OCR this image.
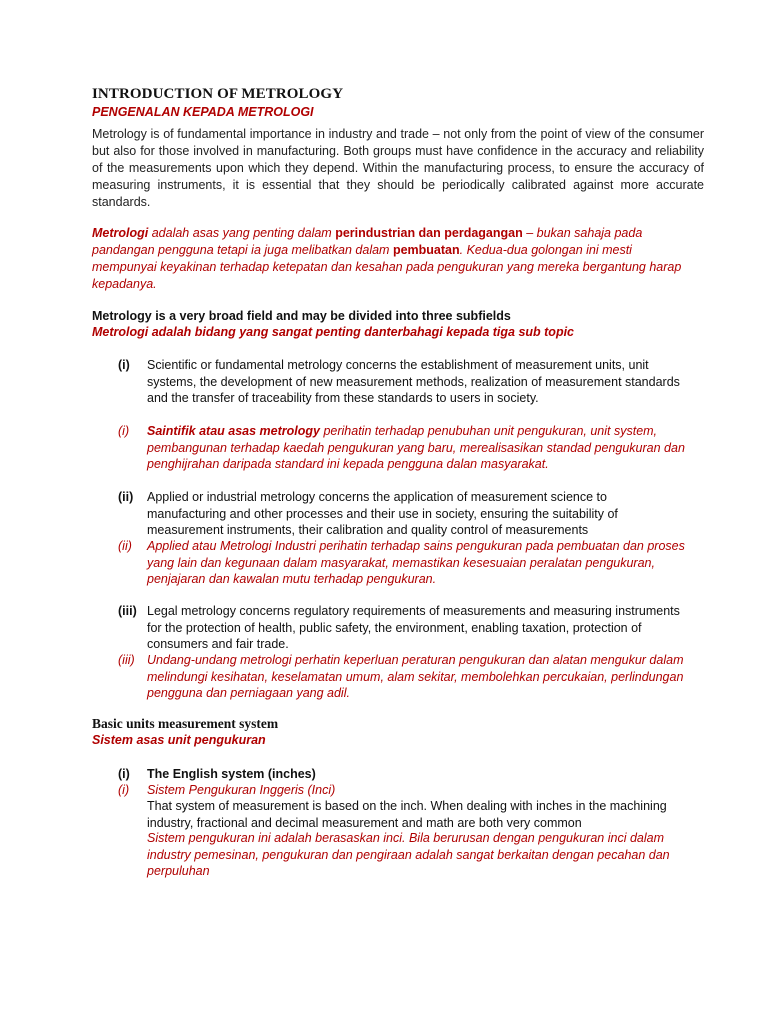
INTRODUCTION OF METROLOGY
PENGENALAN KEPADA METROLOGI
Metrology is of fundamental importance in industry and trade – not only from the point of view of the consumer but also for those involved in manufacturing. Both groups must have confidence in the accuracy and reliability of the measurements upon which they depend. Within the manufacturing process, to ensure the accuracy of measuring instruments, it is essential that they should be periodically calibrated against more accurate standards.
Metrologi adalah asas yang penting dalam perindustrian dan perdagangan – bukan sahaja pada pandangan pengguna tetapi ia juga melibatkan dalam pembuatan. Kedua-dua golongan ini mesti mempunyai keyakinan terhadap ketepatan dan kesahan pada pengukuran yang mereka bergantung harap kepadanya.
Metrology is a very broad field and may be divided into three subfields
Metrologi adalah bidang yang sangat penting danterbahagi kepada tiga sub topic
(i) Scientific or fundamental metrology concerns the establishment of measurement units, unit systems, the development of new measurement methods, realization of measurement standards and the transfer of traceability from these standards to users in society.
(i) Saintifik atau asas metrology perihatin terhadap penubuhan unit pengukuran, unit system, pembangunan terhadap kaedah pengukuran yang baru, merealisasikan standad pengukuran dan penghijrahan daripada standard ini kepada pengguna dalan masyarakat.
(ii) Applied or industrial metrology concerns the application of measurement science to manufacturing and other processes and their use in society, ensuring the suitability of measurement instruments, their calibration and quality control of measurements
(ii) Applied atau Metrologi Industri perihatin terhadap sains pengukuran pada pembuatan dan proses yang lain dan kegunaan dalam masyarakat, memastikan kesesuaian peralatan pengukuran, penjajaran dan kawalan mutu terhadap pengukuran.
(iii) Legal metrology concerns regulatory requirements of measurements and measuring instruments for the protection of health, public safety, the environment, enabling taxation, protection of consumers and fair trade.
(iii) Undang-undang metrologi perhatin keperluan peraturan pengukuran dan alatan mengukur dalam melindungi kesihatan, keselamatan umum, alam sekitar, membolehkan percukaian, perlindungan pengguna dan perniagaan yang adil.
Basic units measurement system
Sistem asas unit pengukuran
(i) The English system (inches)
(i) Sistem Pengukuran Inggeris (Inci)
That system of measurement is based on the inch. When dealing with inches in the machining industry, fractional and decimal measurement and math are both very common
Sistem pengukuran ini adalah berasaskan inci. Bila berurusan dengan pengukuran inci dalam industry pemesinan, pengukuran dan pengiraan adalah sangat berkaitan dengan pecahan dan perpuluhan
